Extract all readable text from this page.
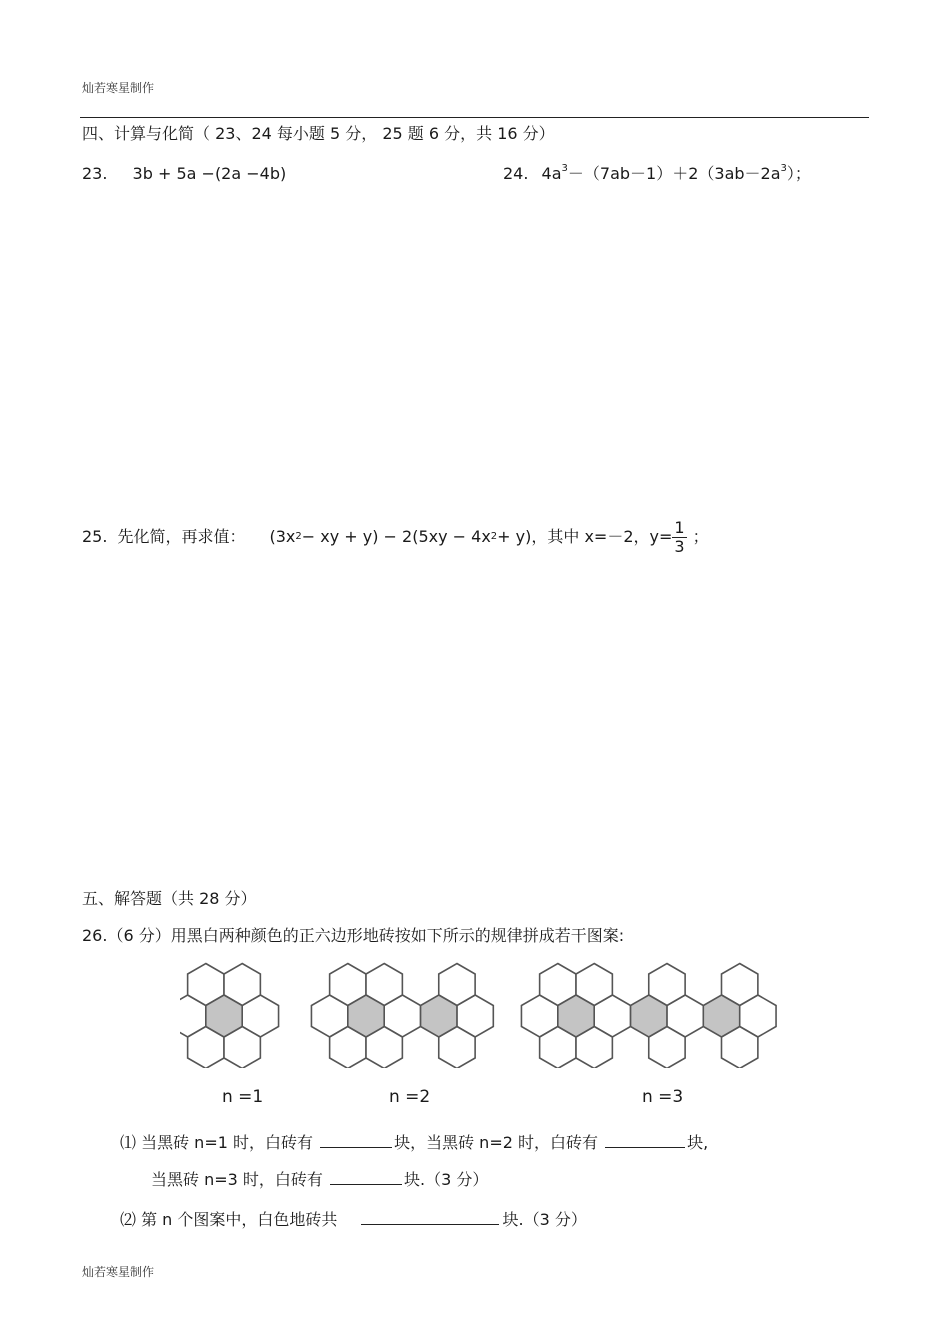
灿若寒星制作
四、计算与化简（ 23、24 每小题 5 分， 25 题 6 分，共 16 分）
23. 3b + 5a −(2a −4b)	24. $4a^3-(7ab-1)+2(3ab-2a^3)$；
25. 先化简，再求值： (3x 2 − xy + y) − 2(5xy − 4x 2 + y)，其中 x=－2，$y= \frac{1}{3}$ ；
五、解答题（共 28 分）
26.（6 分）用黑白两种颜色的正六边形地砖按如下所示的规律拼成若干图案:
n =1	n =2	n =3
⑴ 当黑砖 n=1 时，白砖有	块，当黑砖 n=2 时，白砖有	块,
当黑砖 n=3 时，白砖有	块.（3 分）
⑵ 第 n 个图案中，白色地砖共	块.（3 分）
灿若寒星制作
